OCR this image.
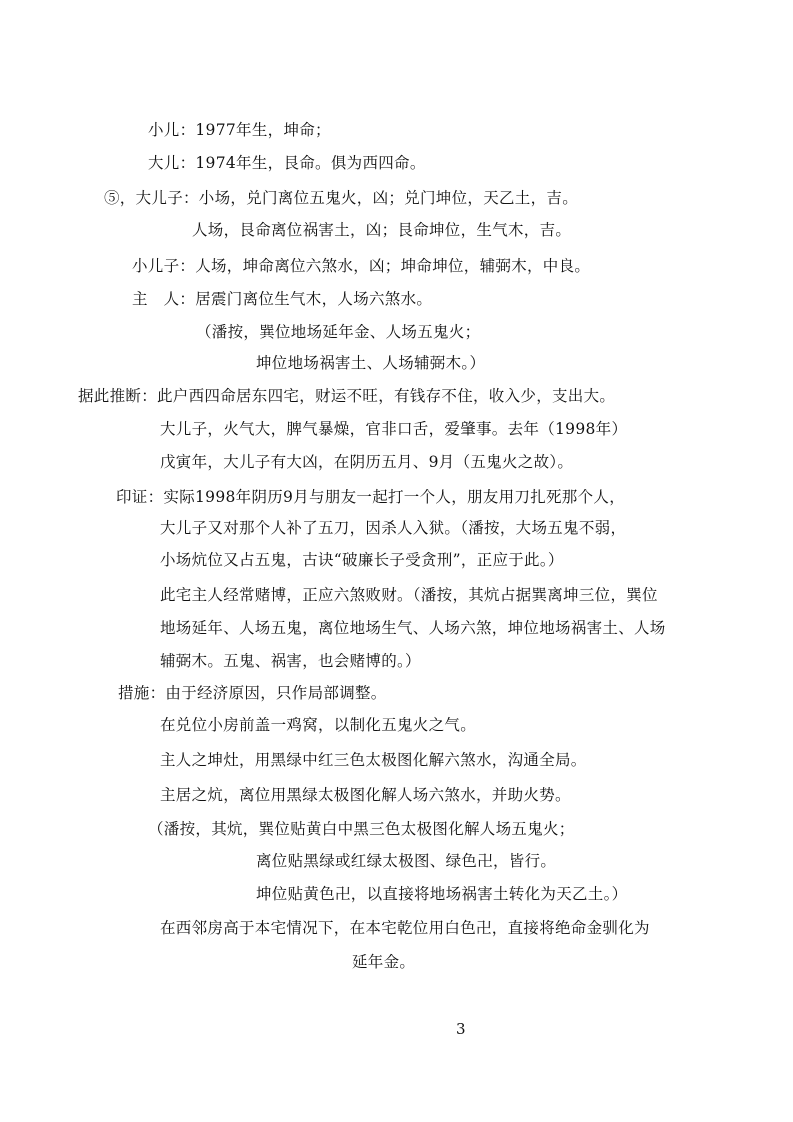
小儿：1977年生，坤命；
大儿：1974年生，艮命。俱为西四命。
⑤，大儿子：小场，兑门离位五鬼火，凶；兑门坤位，天乙土，吉。
人场，艮命离位祸害土，凶；艮命坤位，生气木，吉。
小儿子：人场，坤命离位六煞水，凶；坤命坤位，辅弼木，中良。
主　人：居震门离位生气木，人场六煞水。
（潘按，巽位地场延年金、人场五鬼火；
坤位地场祸害土、人场辅弼木。）
据此推断：此户西四命居东四宅，财运不旺，有钱存不住，收入少，支出大。
大儿子，火气大，脾气暴燥，官非口舌，爱肇事。去年（1998年）
戊寅年，大儿子有大凶，在阴历五月、9月（五鬼火之故）。
印证：实际1998年阴历9月与朋友一起打一个人，朋友用刀扎死那个人，
大儿子又对那个人补了五刀，因杀人入狱。（潘按，大场五鬼不弱，
小场炕位又占五鬼，古诀“破廉长子受贪刑”，正应于此。）
此宅主人经常赌博，正应六煞败财。（潘按，其炕占据巽离坤三位，巽位
地场延年、人场五鬼，离位地场生气、人场六煞，坤位地场祸害土、人场
辅弼木。五鬼、祸害，也会赌博的。）
措施：由于经济原因，只作局部调整。
在兑位小房前盖一鸡窝，以制化五鬼火之气。
主人之坤灶，用黑绿中红三色太极图化解六煞水，沟通全局。
主居之炕，离位用黑绿太极图化解人场六煞水，并助火势。
（潘按，其炕，巽位贴黄白中黑三色太极图化解人场五鬼火；
离位贴黑绿或红绿太极图、绿色卍，皆行。
坤位贴黄色卍，以直接将地场祸害土转化为天乙土。）
在西邻房高于本宅情况下，在本宅乾位用白色卍，直接将绝命金驯化为
延年金。
3
